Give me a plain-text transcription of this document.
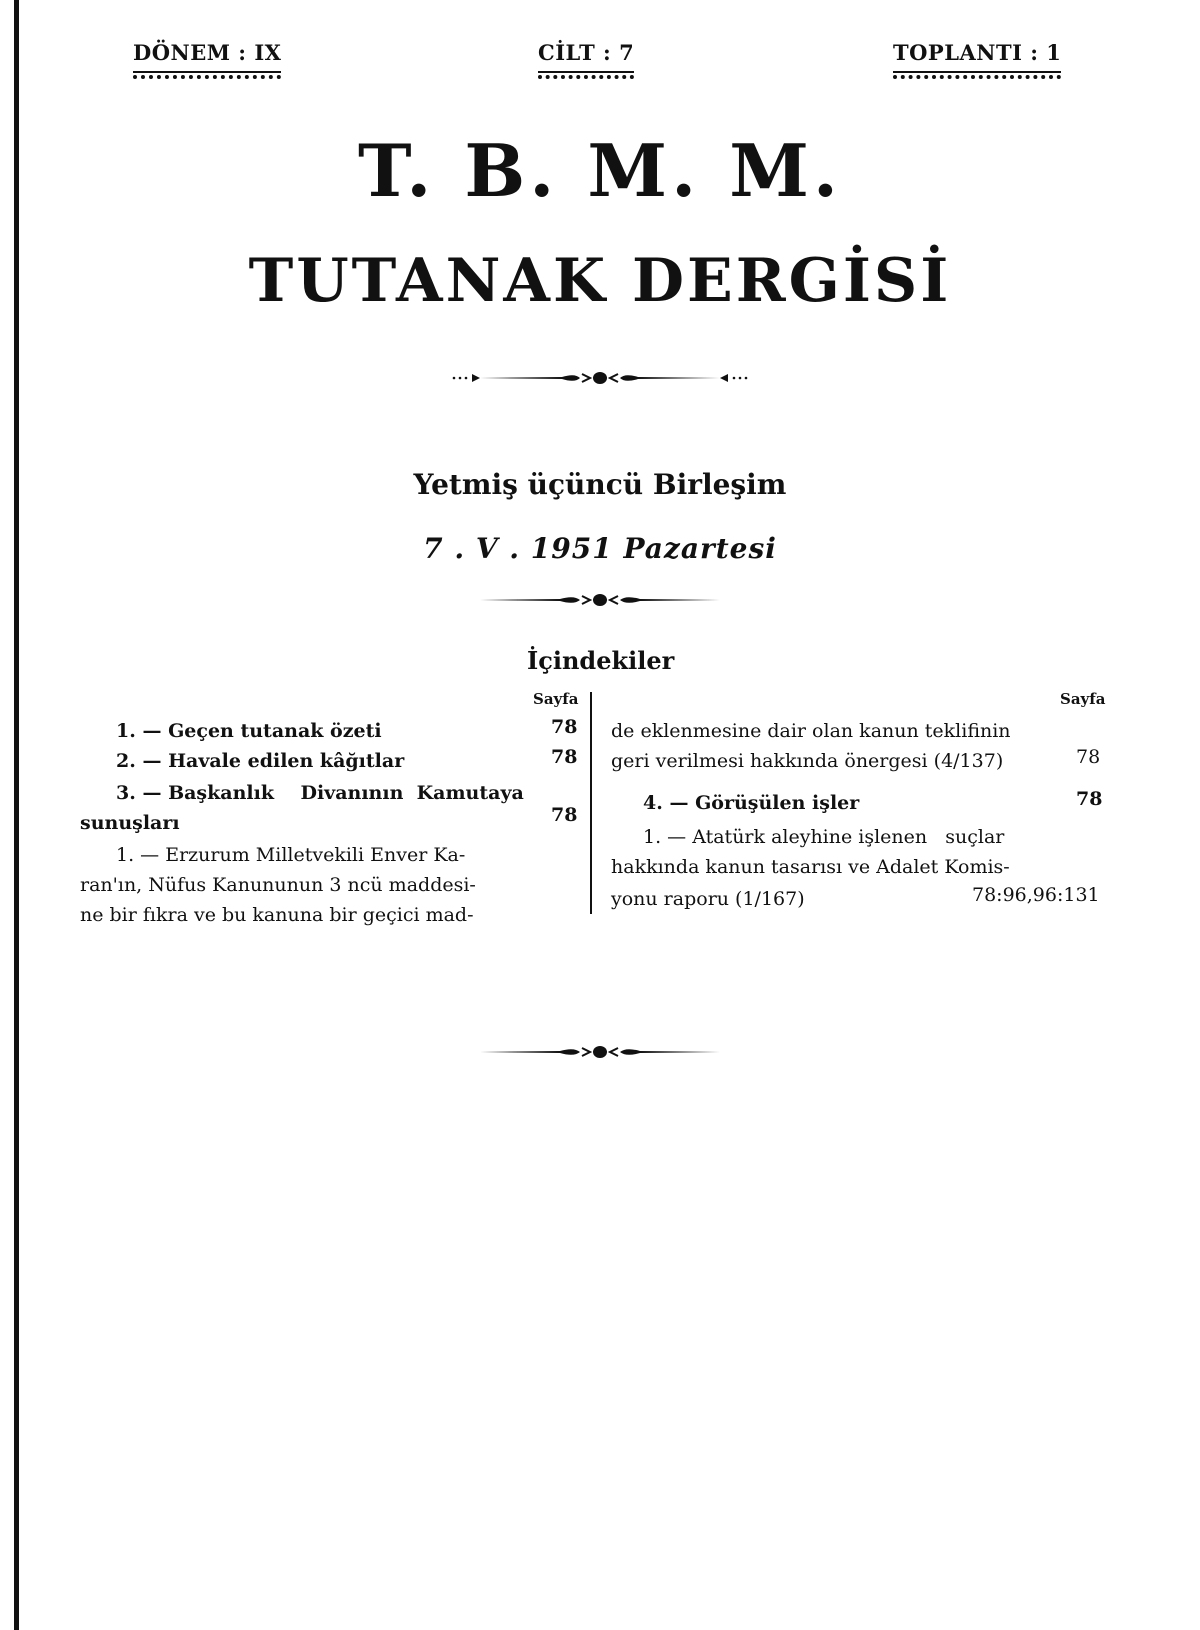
DÖNEM : IX	CİLT : 7	TOPLANTI : 1
T. B. M. M.
TUTANAK DERGİSİ
Yetmiş üçüncü Birleşim
7 . V . 1951 Pazartesi
İçindekiler
Sayfa	Sayfa
1. — Geçen tutanak özeti	78
2. — Havale edilen kâğıtlar	78
3. — Başkanlık    Divanının  Kamutaya
sunuşları	78
1. — Erzurum Milletvekili Enver Ka-
ran'ın, Nüfus Kanununun 3 ncü maddesi-
ne bir fıkra ve bu kanuna bir geçici mad-
de eklenmesine dair olan kanun teklifinin
geri verilmesi hakkında önergesi (4/137)	78
4. — Görüşülen işler	78
1. — Atatürk aleyhine işlenen   suçlar
hakkında kanun tasarısı ve Adalet Komis-
yonu raporu (1/167)	78:96,96:131
